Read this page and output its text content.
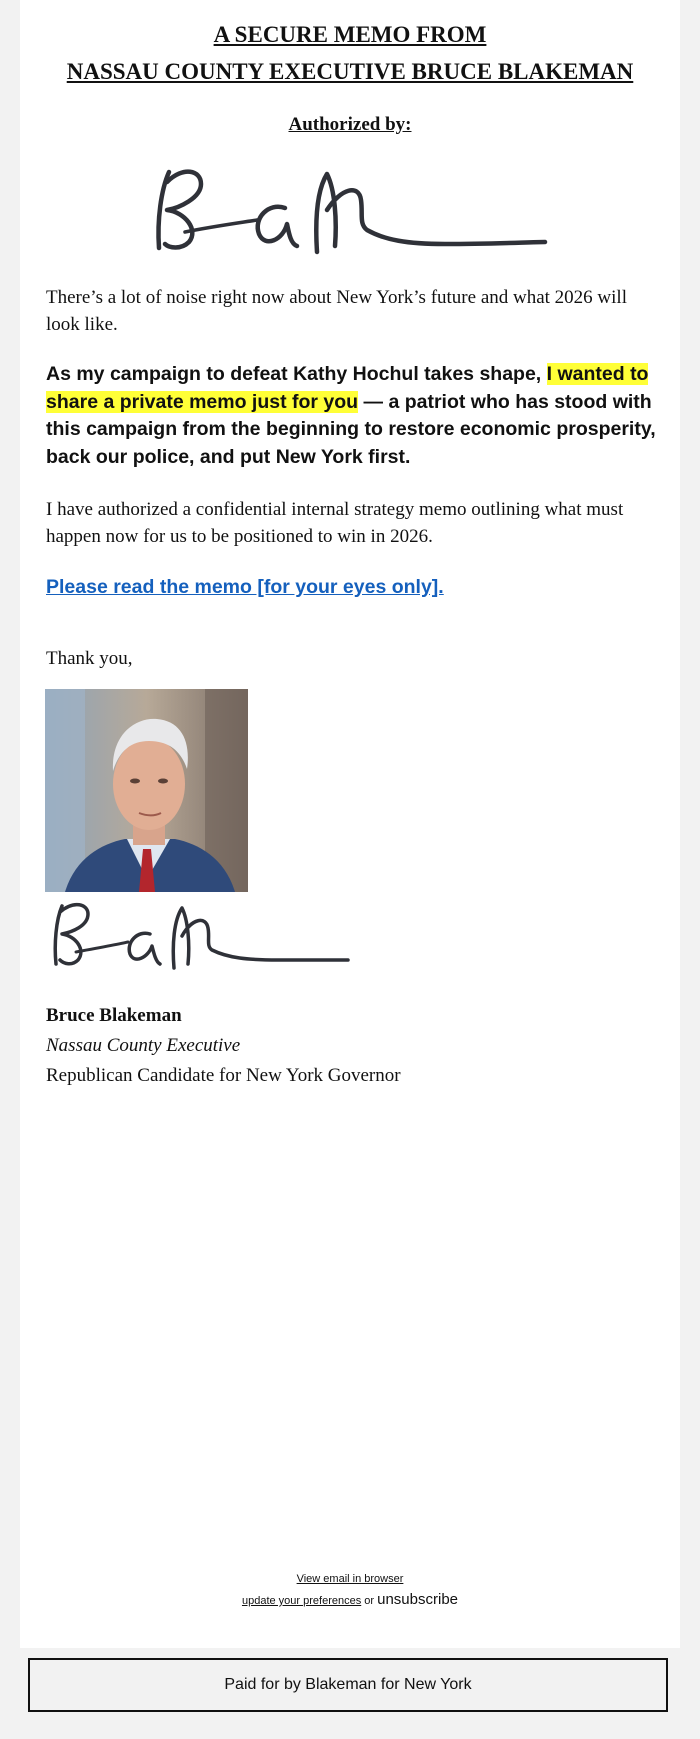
A SECURE MEMO FROM

NASSAU COUNTY EXECUTIVE BRUCE BLAKEMAN

Authorized by:

There’s a lot of noise right now about New York’s future and what 2026 will look like.

As my campaign to defeat Kathy Hochul takes shape, I wanted to share a private memo just for you — a patriot who has stood with this campaign from the beginning to restore economic prosperity, back our police, and put New York first.

I have authorized a confidential internal strategy memo outlining what must happen now for us to be positioned to win in 2026.

Please read the memo [for your eyes only].

Thank you,

Bruce Blakeman

Nassau County Executive

Republican Candidate for New York Governor

View email in browser
update your preferences or unsubscribe
Paid for by Blakeman for New York
